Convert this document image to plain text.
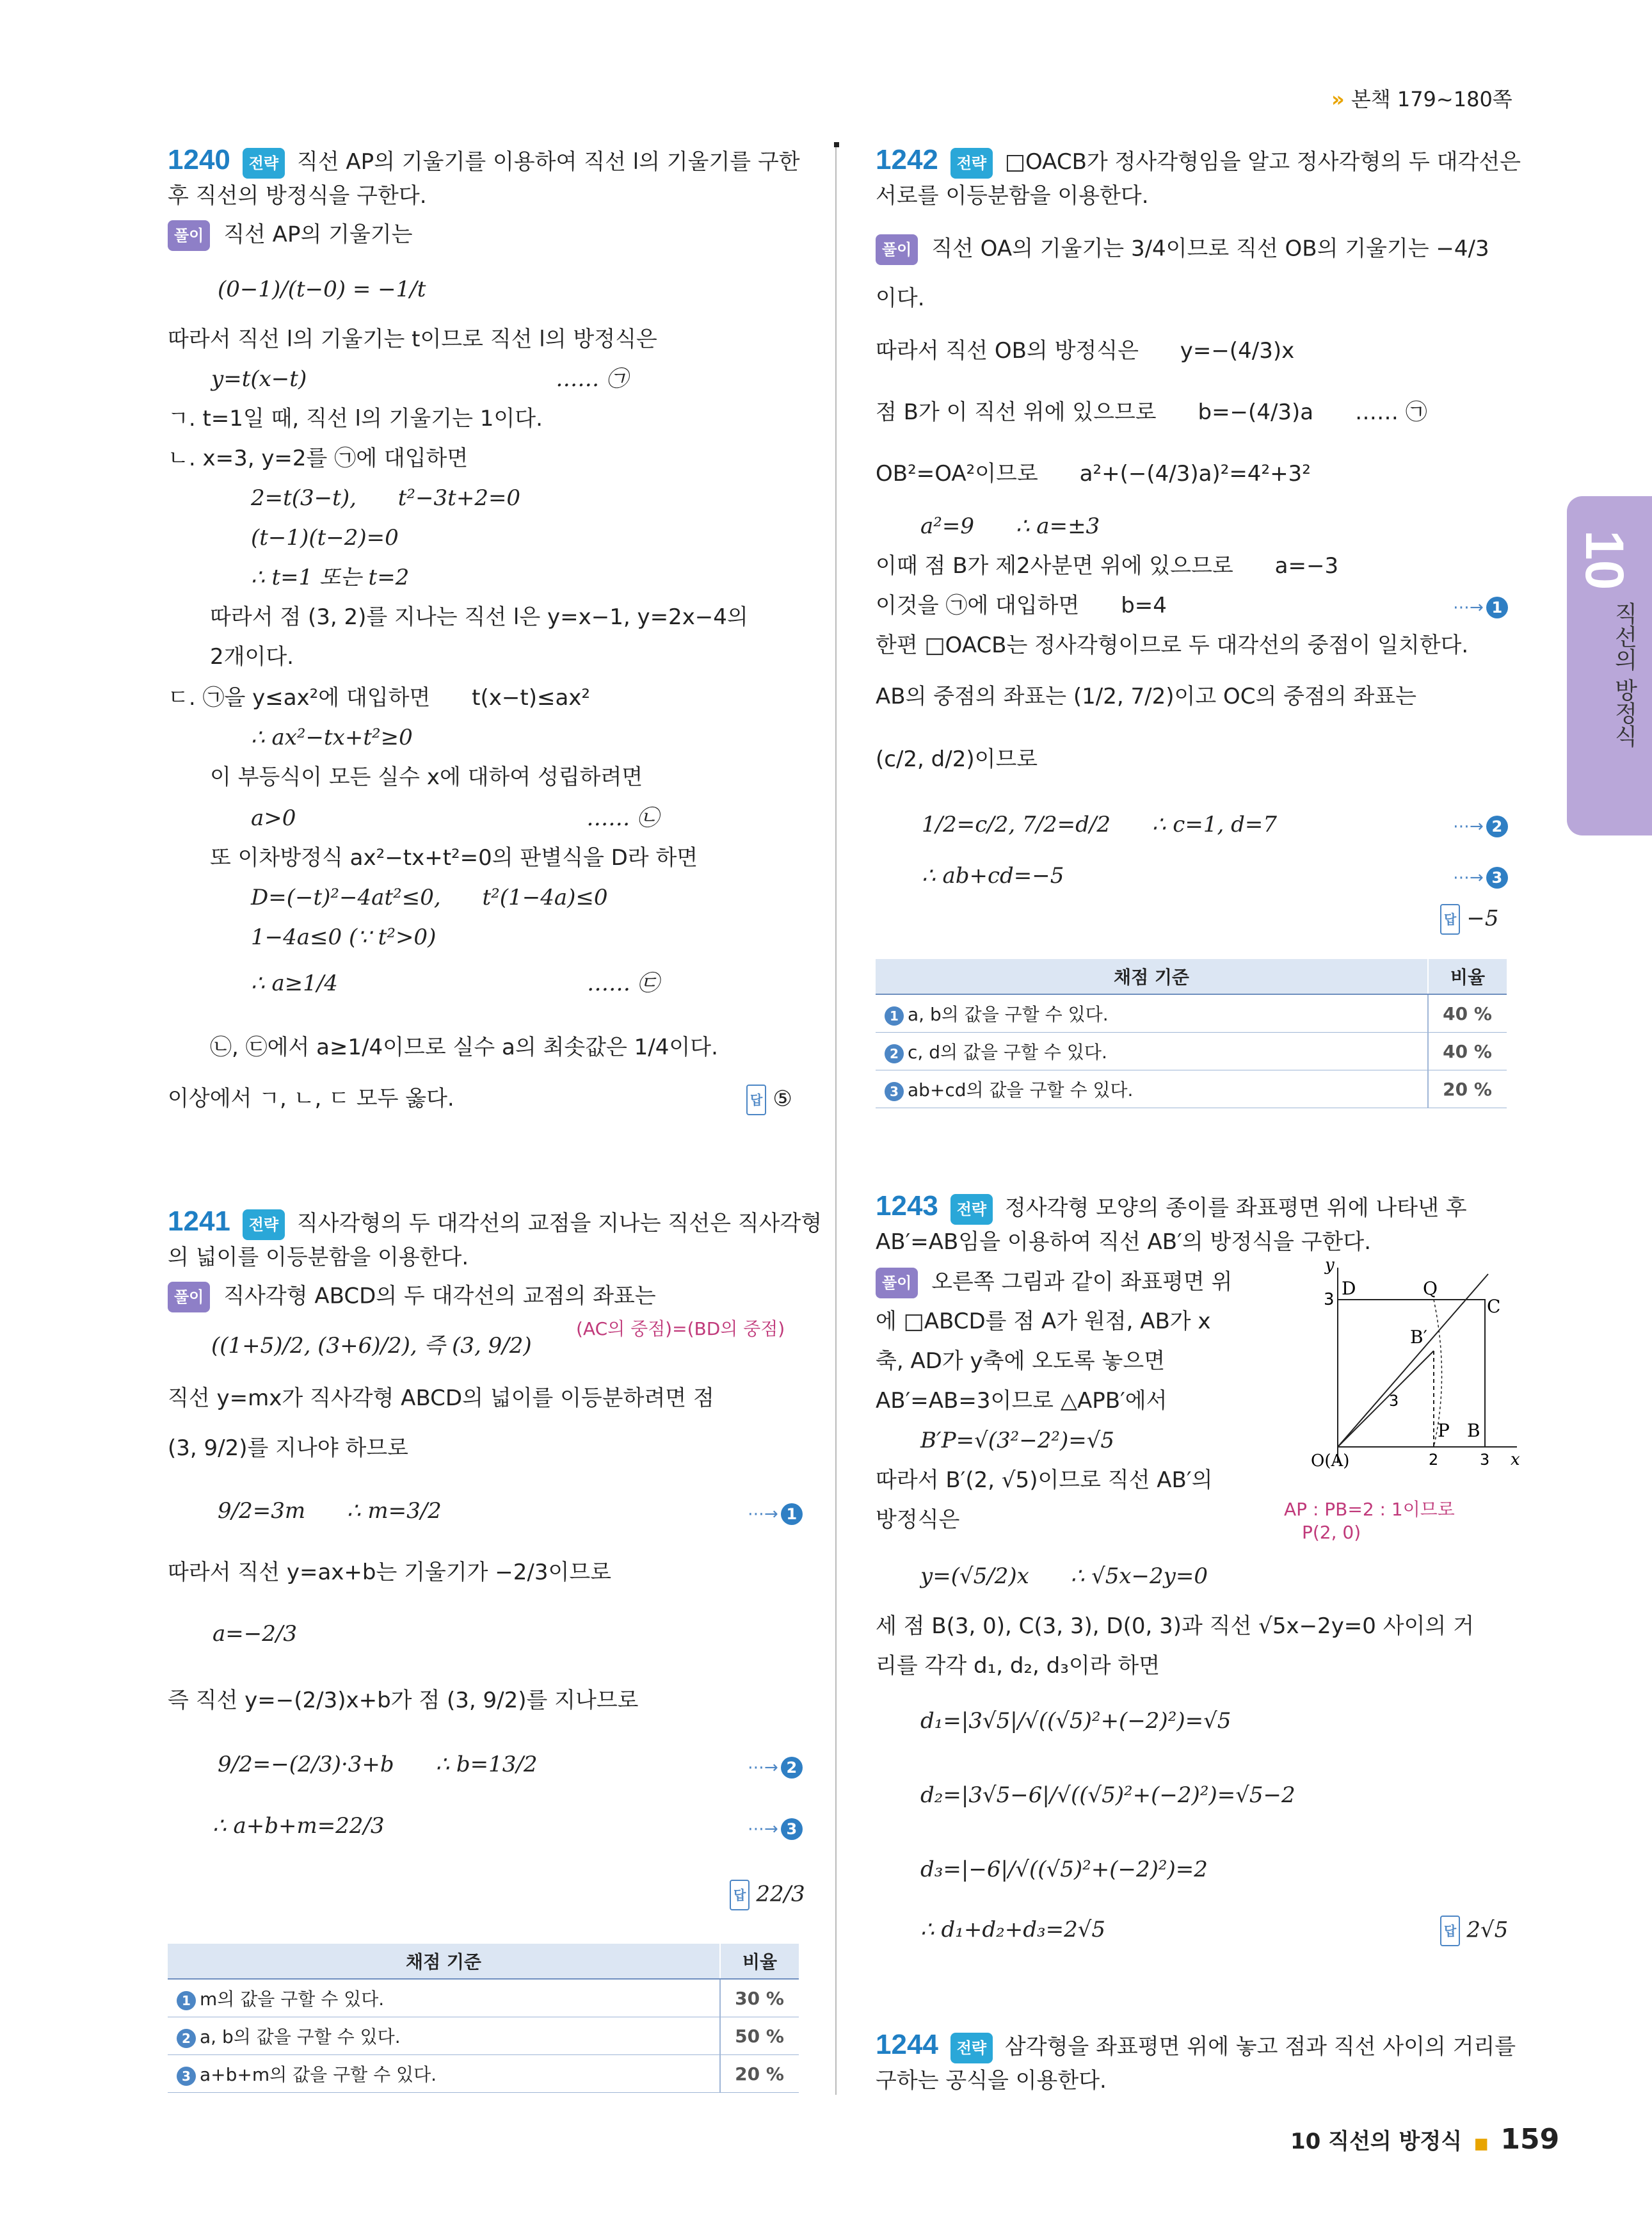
» 본책 179~180쪽
10
직선의 방정식
1240 전략 직선 AP의 기울기를 이용하여 직선 l의 기울기를 구한
후 직선의 방정식을 구한다.
풀이 직선 AP의 기울기는
(0−1)/(t−0) = −1/t
따라서 직선 l의 기울기는 t이므로 직선 l의 방정식은
y=t(x−t)                                    …… ㉠
ㄱ. t=1일 때, 직선 l의 기울기는 1이다.
ㄴ. x=3, y=2를 ㉠에 대입하면
2=t(3−t),      t²−3t+2=0
(t−1)(t−2)=0
∴ t=1 또는 t=2
따라서 점 (3, 2)를 지나는 직선 l은 y=x−1, y=2x−4의
2개이다.
ㄷ. ㉠을 y≤ax²에 대입하면      t(x−t)≤ax²
∴ ax²−tx+t²≥0
이 부등식이 모든 실수 x에 대하여 성립하려면
a>0                                          …… ㉡
또 이차방정식 ax²−tx+t²=0의 판별식을 D라 하면
D=(−t)²−4at²≤0,      t²(1−4a)≤0
1−4a≤0 (∵ t²>0)
∴ a≥1/4                                    …… ㉢
㉡, ㉢에서 a≥1/4이므로 실수 a의 최솟값은 1/4이다.
이상에서 ㄱ, ㄴ, ㄷ 모두 옳다.	답 ⑤
1241 전략 직사각형의 두 대각선의 교점을 지나는 직선은 직사각형
의 넓이를 이등분함을 이용한다.
풀이 직사각형 ABCD의 두 대각선의 교점의 좌표는
((1+5)/2, (3+6)/2), 즉 (3, 9/2)
(AC의 중점)=(BD의 중점)
직선 y=mx가 직사각형 ABCD의 넓이를 이등분하려면 점
(3, 9/2)를 지나야 하므로
9/2=3m      ∴ m=3/2	⋯→ 1
따라서 직선 y=ax+b는 기울기가 −2/3이므로
a=−2/3
즉 직선 y=−(2/3)x+b가 점 (3, 9/2)를 지나므로
9/2=−(2/3)·3+b      ∴ b=13/2	⋯→ 2
∴ a+b+m=22/3	⋯→ 3
답 22/3
채점 기준	비율
1 m의 값을 구할 수 있다.	30 %
2 a, b의 값을 구할 수 있다.	50 %
3 a+b+m의 값을 구할 수 있다.	20 %
1242 전략 □OACB가 정사각형임을 알고 정사각형의 두 대각선은
서로를 이등분함을 이용한다.
풀이 직선 OA의 기울기는 3/4이므로 직선 OB의 기울기는 −4/3
이다.
따라서 직선 OB의 방정식은      y=−(4/3)x
점 B가 이 직선 위에 있으므로      b=−(4/3)a      …… ㉠
OB²=OA²이므로      a²+(−(4/3)a)²=4²+3²
a²=9      ∴ a=±3
이때 점 B가 제2사분면 위에 있으므로      a=−3
이것을 ㉠에 대입하면      b=4	⋯→ 1
한편 □OACB는 정사각형이므로 두 대각선의 중점이 일치한다.
AB의 중점의 좌표는 (1/2, 7/2)이고 OC의 중점의 좌표는
(c/2, d/2)이므로
1/2=c/2, 7/2=d/2      ∴ c=1, d=7	⋯→ 2
∴ ab+cd=−5	⋯→ 3
답 −5
채점 기준	비율
1 a, b의 값을 구할 수 있다.	40 %
2 c, d의 값을 구할 수 있다.	40 %
3 ab+cd의 값을 구할 수 있다.	20 %
1243 전략 정사각형 모양의 종이를 좌표평면 위에 나타낸 후
AB′=AB임을 이용하여 직선 AB′의 방정식을 구한다.
풀이 오른쪽 그림과 같이 좌표평면 위
에 □ABCD를 점 A가 원점, AB가 x
축, AD가 y축에 오도록 놓으면
AB′=AB=3이므로 △APB′에서
B′P=√(3²−2²)=√5
따라서 B′(2, √5)이므로 직선 AB′의
방정식은	AP : PB=2 : 1이므로
P(2, 0)
y=(√5/2)x      ∴ √5x−2y=0
세 점 B(3, 0), C(3, 3), D(0, 3)과 직선 √5x−2y=0 사이의 거
리를 각각 d₁, d₂, d₃이라 하면
d₁=|3√5|/√((√5)²+(−2)²)=√5
d₂=|3√5−6|/√((√5)²+(−2)²)=√5−2
d₃=|−6|/√((√5)²+(−2)²)=2
∴ d₁+d₂+d₃=2√5	답 2√5
y
x
3
D	Q
C
B′
P B
3
O(A)	2	3
1244 전략 삼각형을 좌표평면 위에 놓고 점과 직선 사이의 거리를
구하는 공식을 이용한다.
10 직선의 방정식 ■ 159
